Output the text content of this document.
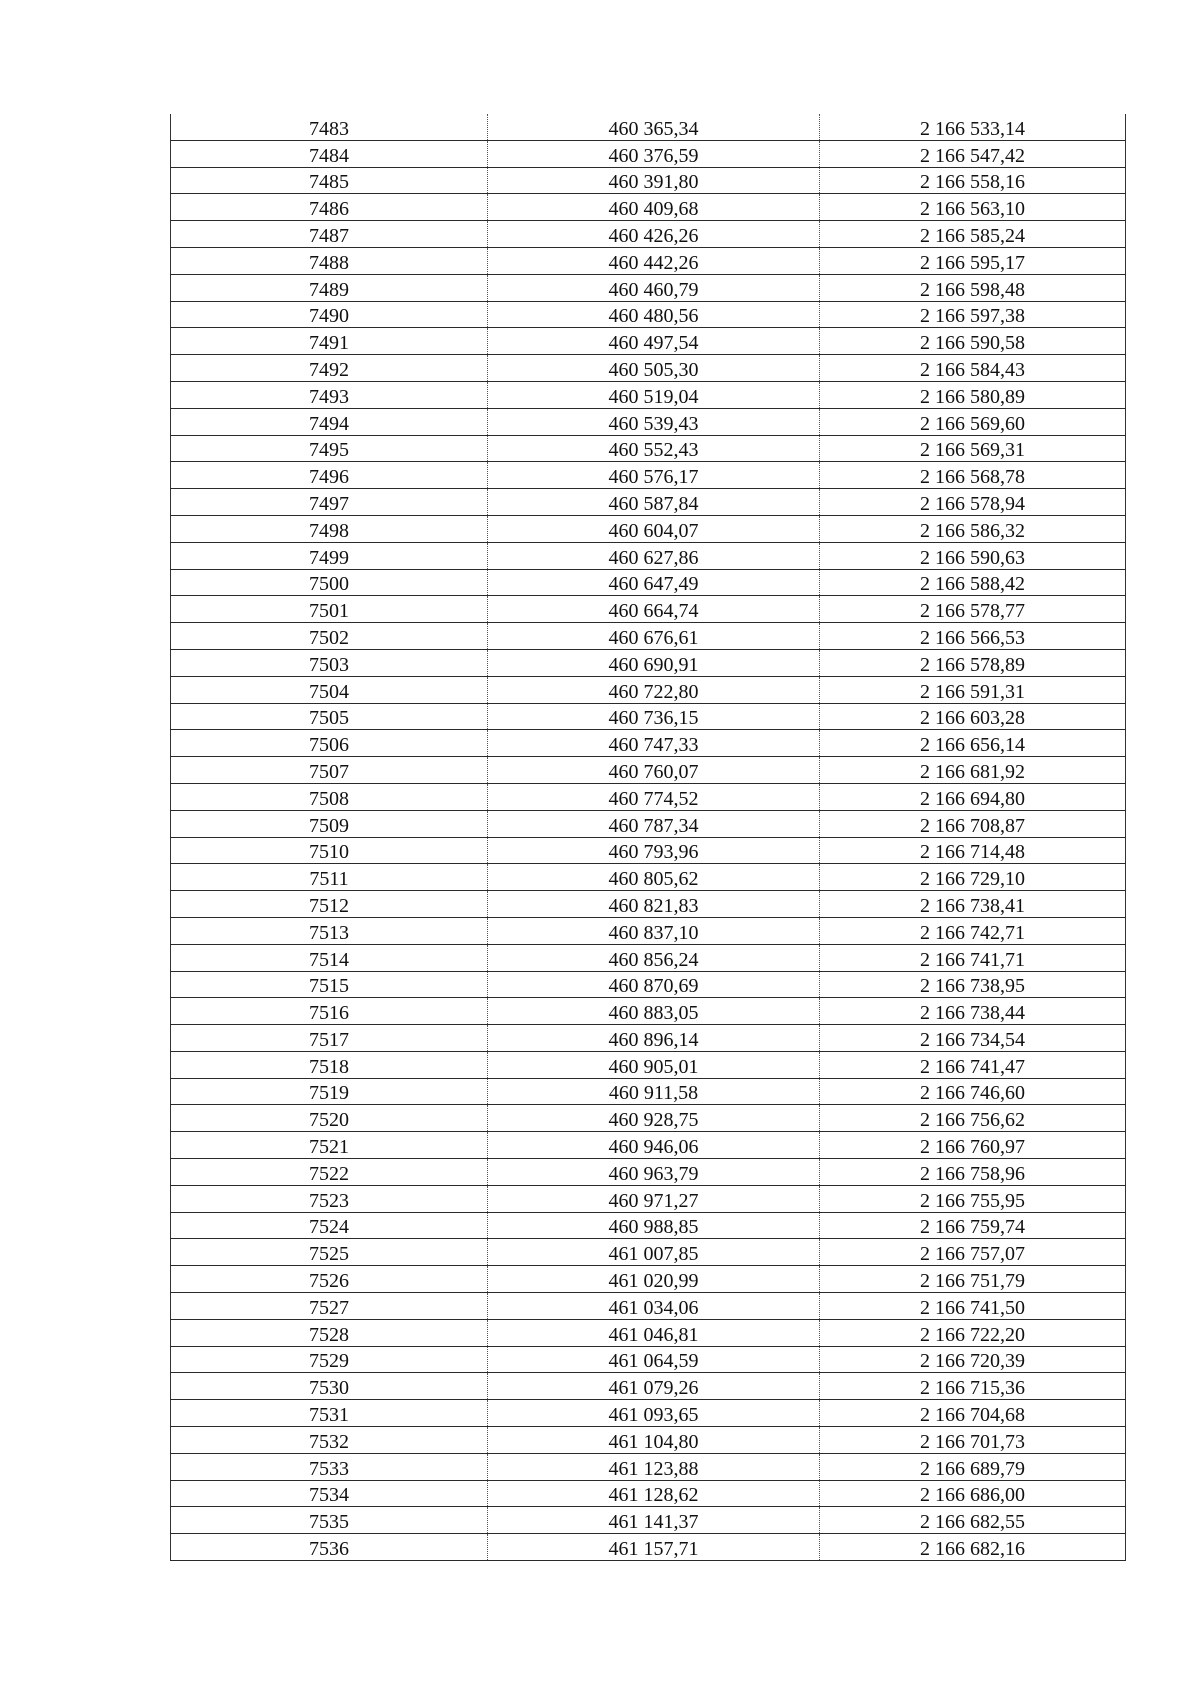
7483	460 365,34	2 166 533,14
7484	460 376,59	2 166 547,42
7485	460 391,80	2 166 558,16
7486	460 409,68	2 166 563,10
7487	460 426,26	2 166 585,24
7488	460 442,26	2 166 595,17
7489	460 460,79	2 166 598,48
7490	460 480,56	2 166 597,38
7491	460 497,54	2 166 590,58
7492	460 505,30	2 166 584,43
7493	460 519,04	2 166 580,89
7494	460 539,43	2 166 569,60
7495	460 552,43	2 166 569,31
7496	460 576,17	2 166 568,78
7497	460 587,84	2 166 578,94
7498	460 604,07	2 166 586,32
7499	460 627,86	2 166 590,63
7500	460 647,49	2 166 588,42
7501	460 664,74	2 166 578,77
7502	460 676,61	2 166 566,53
7503	460 690,91	2 166 578,89
7504	460 722,80	2 166 591,31
7505	460 736,15	2 166 603,28
7506	460 747,33	2 166 656,14
7507	460 760,07	2 166 681,92
7508	460 774,52	2 166 694,80
7509	460 787,34	2 166 708,87
7510	460 793,96	2 166 714,48
7511	460 805,62	2 166 729,10
7512	460 821,83	2 166 738,41
7513	460 837,10	2 166 742,71
7514	460 856,24	2 166 741,71
7515	460 870,69	2 166 738,95
7516	460 883,05	2 166 738,44
7517	460 896,14	2 166 734,54
7518	460 905,01	2 166 741,47
7519	460 911,58	2 166 746,60
7520	460 928,75	2 166 756,62
7521	460 946,06	2 166 760,97
7522	460 963,79	2 166 758,96
7523	460 971,27	2 166 755,95
7524	460 988,85	2 166 759,74
7525	461 007,85	2 166 757,07
7526	461 020,99	2 166 751,79
7527	461 034,06	2 166 741,50
7528	461 046,81	2 166 722,20
7529	461 064,59	2 166 720,39
7530	461 079,26	2 166 715,36
7531	461 093,65	2 166 704,68
7532	461 104,80	2 166 701,73
7533	461 123,88	2 166 689,79
7534	461 128,62	2 166 686,00
7535	461 141,37	2 166 682,55
7536	461 157,71	2 166 682,16
